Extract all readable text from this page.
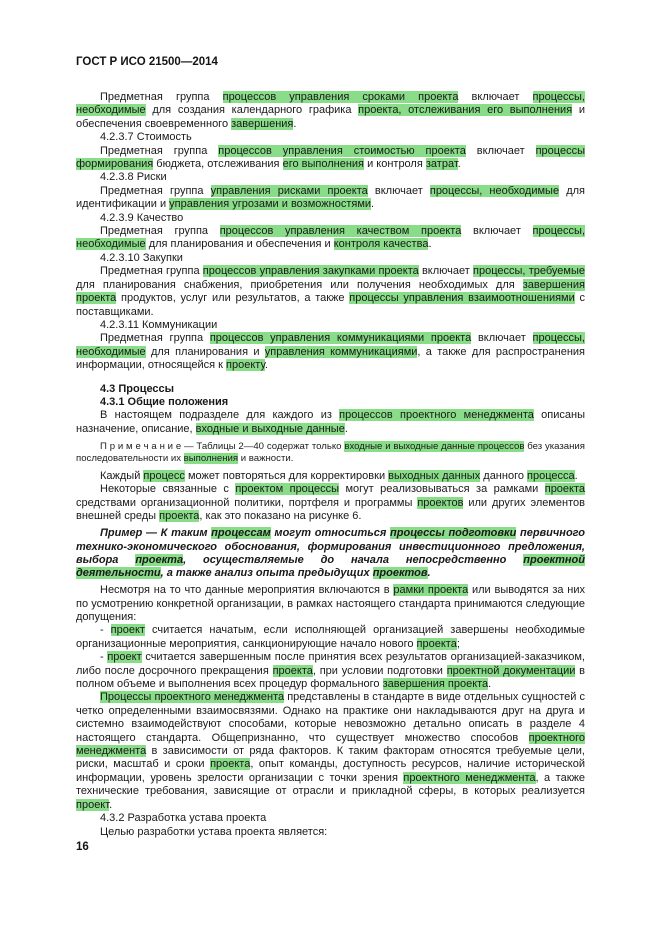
ГОСТ Р ИСО 21500—2014

Предметная группа процессов управления сроками проекта включает процессы, необходимые для создания календарного графика проекта, отслеживания его выполнения и обеспечения своевременного завершения.

4.2.3.7 Стоимость

Предметная группа процессов управления стоимостью проекта включает процессы формирования бюджета, отслеживания его выполнения и контроля затрат.

4.2.3.8 Риски

Предметная группа управления рисками проекта включает процессы, необходимые для идентификации и управления угрозами и возможностями.

4.2.3.9 Качество

Предметная группа процессов управления качеством проекта включает процессы, необходимые для планирования и обеспечения и контроля качества.

4.2.3.10 Закупки

Предметная группа процессов управления закупками проекта включает процессы, требуемые для планирования снабжения, приобретения или получения необходимых для завершения проекта продуктов, услуг или результатов, а также процессы управления взаимоотношениями с поставщиками.

4.2.3.11 Коммуникации

Предметная группа процессов управления коммуникациями проекта включает процессы, необходимые для планирования и управления коммуникациями, а также для распространения информации, относящейся к проекту.

4.3 Процессы

4.3.1 Общие положения

В настоящем подразделе для каждого из процессов проектного менеджмента описаны назначение, описание, входные и выходные данные.

П р и м е ч а н и е — Таблицы 2—40 содержат только входные и выходные данные процессов без указания последовательности их выполнения и важности.

Каждый процесс может повторяться для корректировки выходных данных данного процесса.

Некоторые связанные с проектом процессы могут реализовываться за рамками проекта средствами организационной политики, портфеля и программы проектов или других элементов внешней среды проекта, как это показано на рисунке 6.

Пример — К таким процессам могут относиться процессы подготовки первичного технико-экономического обоснования, формирования инвестиционного предложения, выбора проекта, осуществляемые до начала непосредственно проектной деятельности, а также анализ опыта предыдущих проектов.

Несмотря на то что данные мероприятия включаются в рамки проекта или выводятся за них по усмотрению конкретной организации, в рамках настоящего стандарта принимаются следующие допущения:

- проект считается начатым, если исполняющей организацией завершены необходимые организационные мероприятия, санкционирующие начало нового проекта;

- проект считается завершенным после принятия всех результатов организацией-заказчиком, либо после досрочного прекращения проекта, при условии подготовки проектной документации в полном объеме и выполнения всех процедур формального завершения проекта.

Процессы проектного менеджмента представлены в стандарте в виде отдельных сущностей с четко определенными взаимосвязями. Однако на практике они накладываются друг на друга и системно взаимодействуют способами, которые невозможно детально описать в разделе 4 настоящего стандарта. Общепризнанно, что существует множество способов проектного менеджмента в зависимости от ряда факторов. К таким факторам относятся требуемые цели, риски, масштаб и сроки проекта, опыт команды, доступность ресурсов, наличие исторической информации, уровень зрелости организации с точки зрения проектного менеджмента, а также технические требования, зависящие от отрасли и прикладной сферы, в которых реализуется проект.

4.3.2 Разработка устава проекта

Целью разработки устава проекта является:

16
